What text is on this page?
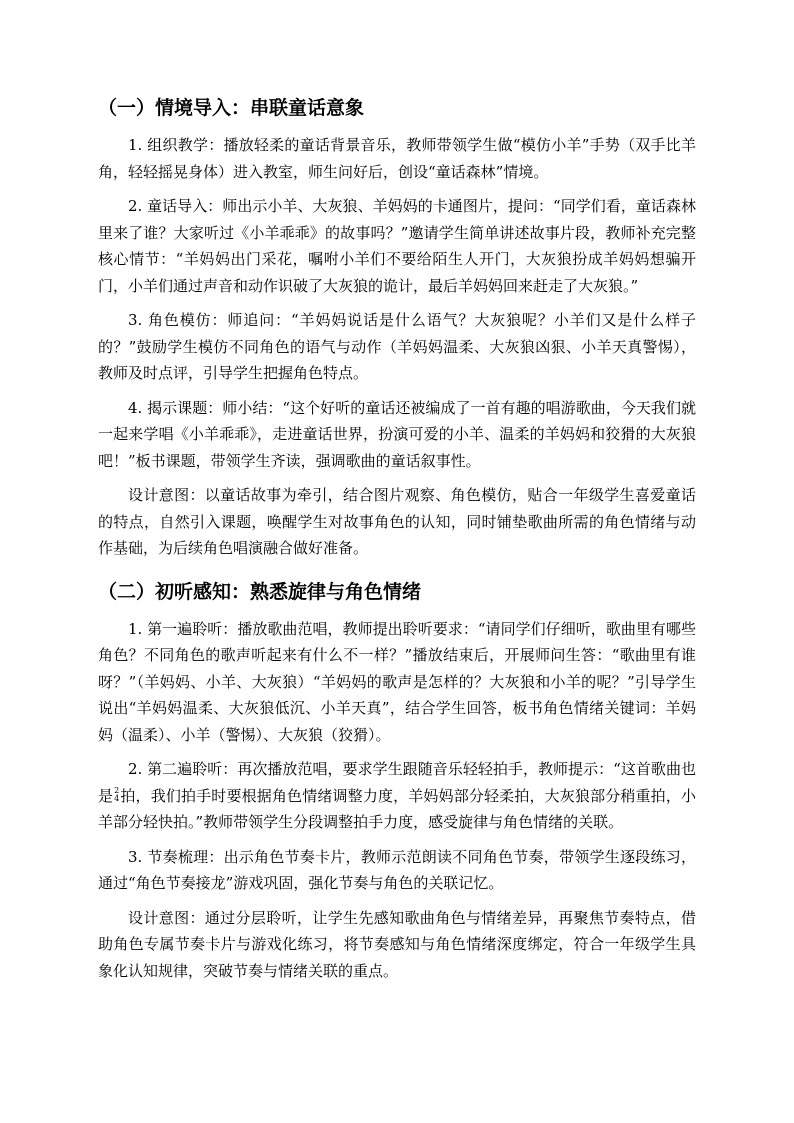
（一）情境导入：串联童话意象

1. 组织教学：播放轻柔的童话背景音乐，教师带领学生做“模仿小羊”手势（双手比羊角，轻轻摇晃身体）进入教室，师生问好后，创设“童话森林”情境。

2. 童话导入：师出示小羊、大灰狼、羊妈妈的卡通图片，提问：“同学们看，童话森林里来了谁？大家听过《小羊乖乖》的故事吗？”邀请学生简单讲述故事片段，教师补充完整核心情节：“羊妈妈出门采花，嘱咐小羊们不要给陌生人开门，大灰狼扮成羊妈妈想骗开门，小羊们通过声音和动作识破了大灰狼的诡计，最后羊妈妈回来赶走了大灰狼。”

3. 角色模仿：师追问：“羊妈妈说话是什么语气？大灰狼呢？小羊们又是什么样子的？”鼓励学生模仿不同角色的语气与动作（羊妈妈温柔、大灰狼凶狠、小羊天真警惕），教师及时点评，引导学生把握角色特点。

4. 揭示课题：师小结：“这个好听的童话还被编成了一首有趣的唱游歌曲，今天我们就一起来学唱《小羊乖乖》，走进童话世界，扮演可爱的小羊、温柔的羊妈妈和狡猾的大灰狼吧！”板书课题，带领学生齐读，强调歌曲的童话叙事性。

设计意图：以童话故事为牵引，结合图片观察、角色模仿，贴合一年级学生喜爱童话的特点，自然引入课题，唤醒学生对故事角色的认知，同时铺垫歌曲所需的角色情绪与动作基础，为后续角色唱演融合做好准备。

（二）初听感知：熟悉旋律与角色情绪

1. 第一遍聆听：播放歌曲范唱，教师提出聆听要求：“请同学们仔细听，歌曲里有哪些角色？不同角色的歌声听起来有什么不一样？”播放结束后，开展师问生答：“歌曲里有谁呀？”（羊妈妈、小羊、大灰狼）“羊妈妈的歌声是怎样的？大灰狼和小羊的呢？”引导学生说出“羊妈妈温柔、大灰狼低沉、小羊天真”，结合学生回答，板书角色情绪关键词：羊妈妈（温柔）、小羊（警惕）、大灰狼（狡猾）。

2. 第二遍聆听：再次播放范唱，要求学生跟随音乐轻轻拍手，教师提示：“这首歌曲也是 2
4 拍，我们拍手时要根据角色情绪调整力度，羊妈妈部分轻柔拍，大灰狼部分稍重拍，小羊部分轻快拍。”教师带领学生分段调整拍手力度，感受旋律与角色情绪的关联。

3. 节奏梳理：出示角色节奏卡片，教师示范朗读不同角色节奏，带领学生逐段练习，通过“角色节奏接龙”游戏巩固，强化节奏与角色的关联记忆。

设计意图：通过分层聆听，让学生先感知歌曲角色与情绪差异，再聚焦节奏特点，借助角色专属节奏卡片与游戏化练习，将节奏感知与角色情绪深度绑定，符合一年级学生具象化认知规律，突破节奏与情绪关联的重点。
